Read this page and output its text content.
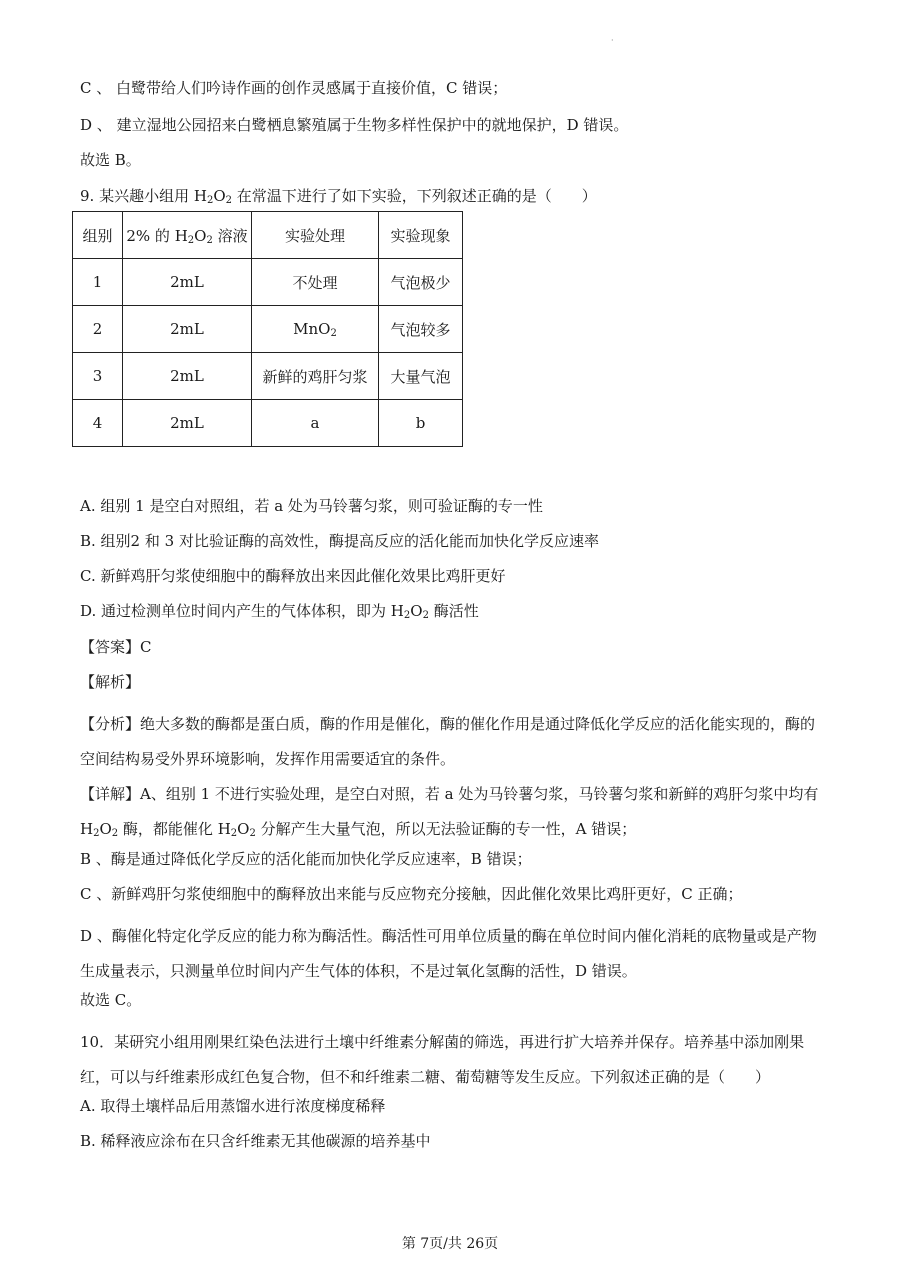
·
C 、 白鹭带给人们吟诗作画的创作灵感属于直接价值，C 错误；
D 、 建立湿地公园招来白鹭栖息繁殖属于生物多样性保护中的就地保护，D 错误。
故选 B。
9. 某兴趣小组用 $H_2O_2$ 在常温下进行了如下实验，下列叙述正确的是（　　）
组别	2% 的 $H_2O_2$ 溶液	实验处理	实验现象
1	2mL	不处理	气泡极少
2	2mL	MnO$_2$	气泡较多
3	2mL	新鲜的鸡肝匀浆	大量气泡
4	2mL	a	b
A. 组别 1 是空白对照组，若 a 处为马铃薯匀浆，则可验证酶的专一性
B. 组别2 和 3 对比验证酶的高效性，酶提高反应的活化能而加快化学反应速率
C. 新鲜鸡肝匀浆使细胞中的酶释放出来因此催化效果比鸡肝更好
D. 通过检测单位时间内产生的气体体积，即为 $H_2O_2$ 酶活性
【答案】C
【解析】
【分析】绝大多数的酶都是蛋白质，酶的作用是催化，酶的催化作用是通过降低化学反应的活化能实现的，酶的空间结构易受外界环境影响，发挥作用需要适宜的条件。
【详解】A、组别 1 不进行实验处理，是空白对照，若 a 处为马铃薯匀浆，马铃薯匀浆和新鲜的鸡肝匀浆中均有 $H_2O_2$ 酶，都能催化 $H_2O_2$ 分解产生大量气泡，所以无法验证酶的专一性，A 错误；
B 、酶是通过降低化学反应的活化能而加快化学反应速率，B 错误；
C 、新鲜鸡肝匀浆使细胞中的酶释放出来能与反应物充分接触，因此催化效果比鸡肝更好，C 正确；
D 、酶催化特定化学反应的能力称为酶活性。酶活性可用单位质量的酶在单位时间内催化消耗的底物量或是产物生成量表示，只测量单位时间内产生气体的体积，不是过氧化氢酶的活性，D 错误。
故选 C。
10．某研究小组用刚果红染色法进行土壤中纤维素分解菌的筛选，再进行扩大培养并保存。培养基中添加刚果红，可以与纤维素形成红色复合物，但不和纤维素二糖、葡萄糖等发生反应。下列叙述正确的是（　　）
A. 取得土壤样品后用蒸馏水进行浓度梯度稀释
B. 稀释液应涂布在只含纤维素无其他碳源的培养基中
第 7页/共 26页
